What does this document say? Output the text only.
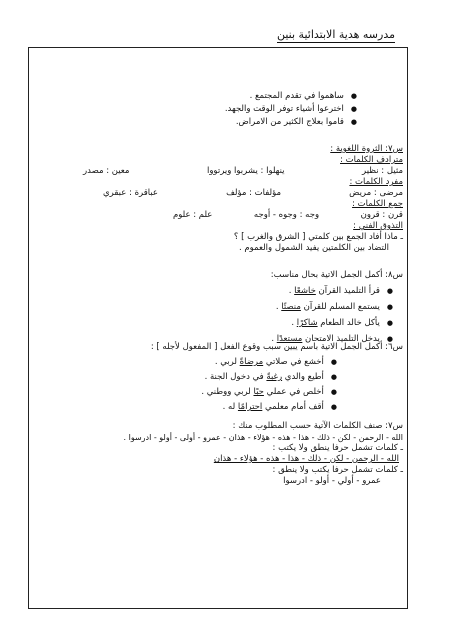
مدرسه هدية الابتدائية بنين
● ساهموا في تقدم المجتمع .
● اخترعوا أشياء توفر الوقت والجهد.
● قاموا بعلاج الكثير من الامراض.
س٧: الثروة اللغوية :
مترادف الكلمات :
مثيل : نظير
ينهلوا : يشربوا ويرتووا
معين : مصدر
مفرد الكلمات :
مرضى : مريض
مؤلفات : مؤلف
عباقرة : عبقري
جمع الكلمات :
قرن : قرون
وجه : وجوه - أوجه
علم : علوم
التذوق الفني :
ـ ماذا أفاد الجمع بين كلمتي [ الشرق والغرب ] ؟
التضاد بين الكلمتين يفيد الشمول والعموم .
س٨: أكمل الجمل الاتية بحال مناسب:
● قرأ التلميذ القرآن خاشعًا .
● يستمع المسلم للقرآن منصتًا .
● يأكل خالد الطعام شاكرًا .
● يدخل التلميذ الامتحان مستعدًا .
س٦: أكمل الجمل الاتية باسم يبين سبب وقوع الفعل [ المفعول لأجله ] :
● أخشع في صلاتي مرضاةً لربي .
● أطيع والدي رغبةً في دخول الجنة .
● أخلص في عملي حبًا لربي ووطني .
● أقف أمام معلمي احترامًا له .
س٧: صنف الكلمات الآتية حسب المطلوب منك :
الله - الرحمن - لكن - ذلك - هذا - هذه - هؤلاء - هذان - عمرو - أولى - أولو - ادرسوا .
ـ كلمات تشمل حرفا ينطق ولا يكتب :
الله - الرحمن - لكن - ذلك - هذا - هذه - هؤلاء - هذان
ـ كلمات تشمل حرفا يكتب ولا ينطق :
عمرو - أولي - أولو - ادرسوا
